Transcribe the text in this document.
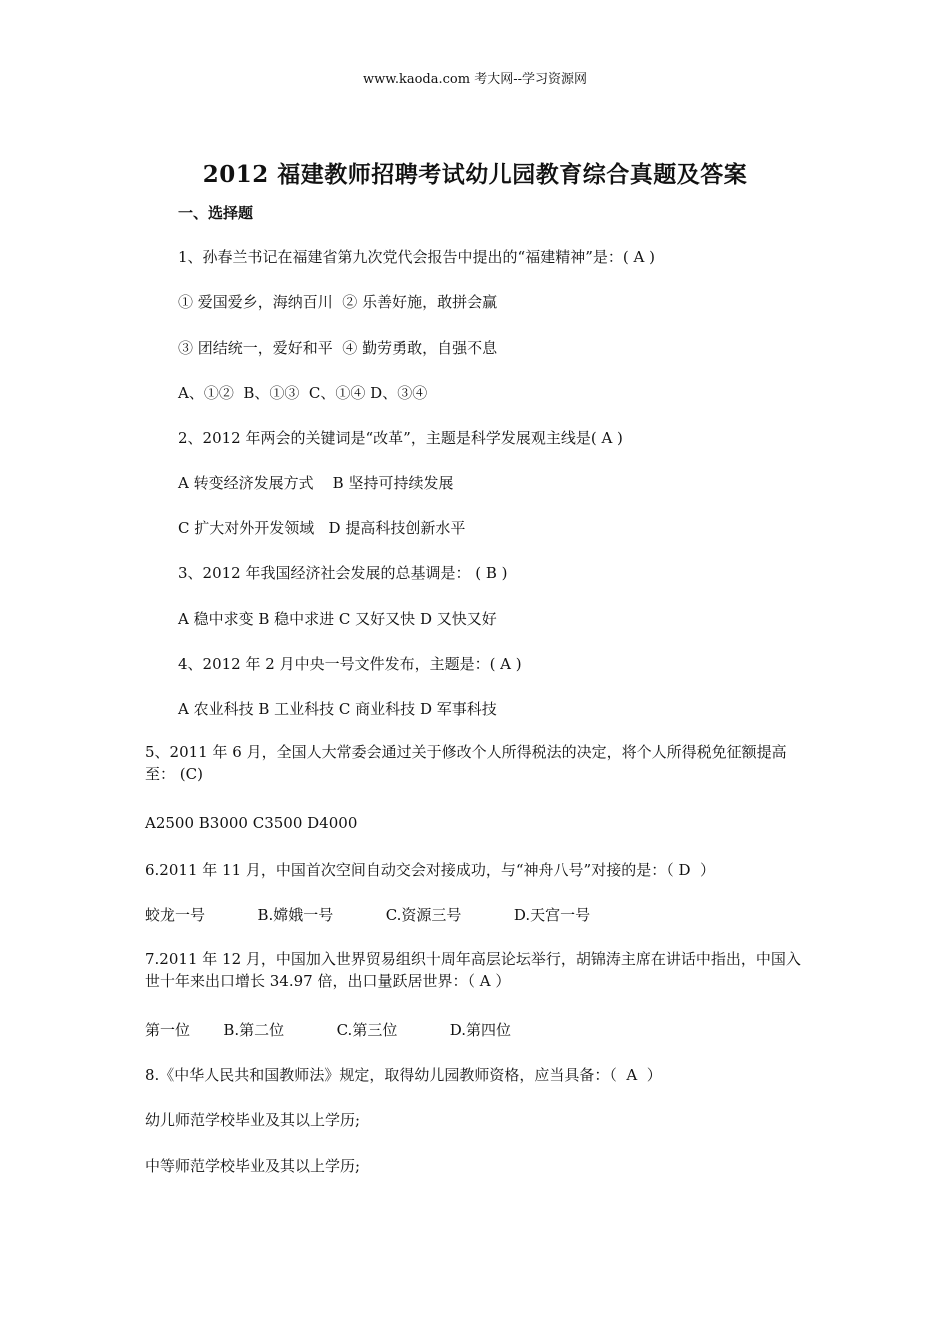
www.kaoda.com 考大网--学习资源网
2012 福建教师招聘考试幼儿园教育综合真题及答案
一、选择题
1、孙春兰书记在福建省第九次党代会报告中提出的“福建精神”是：( A )
① 爱国爱乡，海纳百川  ② 乐善好施，敢拼会赢
③ 团结统一，爱好和平  ④ 勤劳勇敢，自强不息
A、①②  B、①③  C、①④ D、③④
2、2012 年两会的关键词是“改革”，主题是科学发展观主线是( A )
A 转变经济发展方式    B 坚持可持续发展
C 扩大对外开发领域   D 提高科技创新水平
3、2012 年我国经济社会发展的总基调是： ( B )
A 稳中求变 B 稳中求进 C 又好又快 D 又快又好
4、2012 年 2 月中央一号文件发布，主题是：( A )
A 农业科技 B 工业科技 C 商业科技 D 军事科技
5、2011 年 6 月，全国人大常委会通过关于修改个人所得税法的决定，将个人所得税免征额提高至： (C)
A2500 B3000 C3500 D4000
6.2011 年 11 月，中国首次空间自动交会对接成功，与“神舟八号”对接的是：（ D  ）
蛟龙一号           B.嫦娥一号           C.资源三号           D.天宫一号
7.2011 年 12 月，中国加入世界贸易组织十周年高层论坛举行，胡锦涛主席在讲话中指出，中国入世十年来出口增长 34.97 倍，出口量跃居世界：（ A ）
第一位       B.第二位           C.第三位           D.第四位
8.《中华人民共和国教师法》规定，取得幼儿园教师资格，应当具备：（  A  ）
幼儿师范学校毕业及其以上学历;
中等师范学校毕业及其以上学历;
